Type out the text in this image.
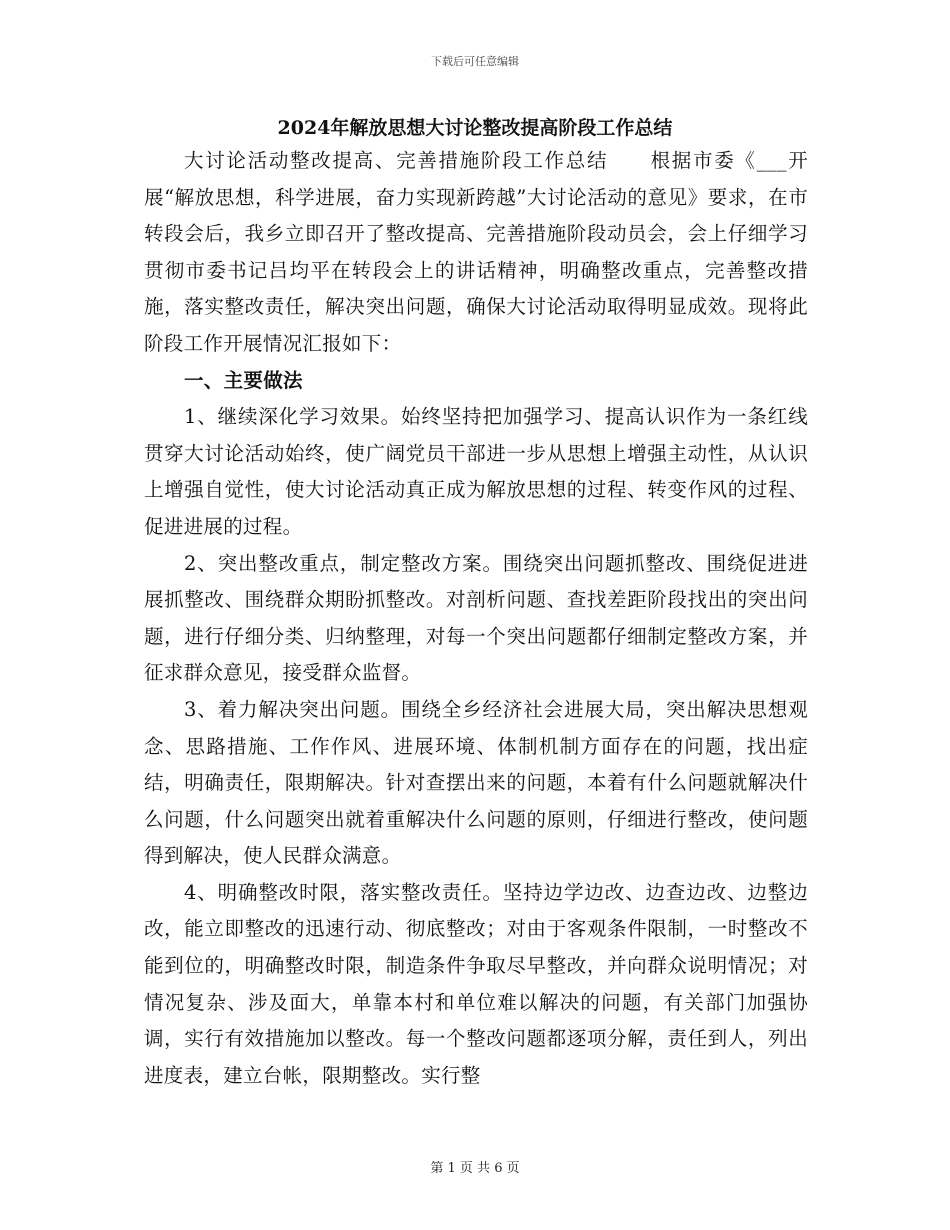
下载后可任意编辑
2024年解放思想大讨论整改提高阶段工作总结

大讨论活动整改提高、完善措施阶段工作总结　　根据市委《___开展“解放思想，科学进展，奋力实现新跨越”大讨论活动的意见》要求，在市转段会后，我乡立即召开了整改提高、完善措施阶段动员会，会上仔细学习贯彻市委书记吕均平在转段会上的讲话精神，明确整改重点，完善整改措施，落实整改责任，解决突出问题，确保大讨论活动取得明显成效。现将此阶段工作开展情况汇报如下：

一、主要做法

1、继续深化学习效果。始终坚持把加强学习、提高认识作为一条红线贯穿大讨论活动始终，使广阔党员干部进一步从思想上增强主动性，从认识上增强自觉性，使大讨论活动真正成为解放思想的过程、转变作风的过程、促进进展的过程。

2、突出整改重点，制定整改方案。围绕突出问题抓整改、围绕促进进展抓整改、围绕群众期盼抓整改。对剖析问题、查找差距阶段找出的突出问题，进行仔细分类、归纳整理，对每一个突出问题都仔细制定整改方案，并征求群众意见，接受群众监督。

3、着力解决突出问题。围绕全乡经济社会进展大局，突出解决思想观念、思路措施、工作作风、进展环境、体制机制方面存在的问题，找出症结，明确责任，限期解决。针对查摆出来的问题，本着有什么问题就解决什么问题，什么问题突出就着重解决什么问题的原则，仔细进行整改，使问题得到解决，使人民群众满意。

4、明确整改时限，落实整改责任。坚持边学边改、边查边改、边整边改，能立即整改的迅速行动、彻底整改；对由于客观条件限制，一时整改不能到位的，明确整改时限，制造条件争取尽早整改，并向群众说明情况；对情况复杂、涉及面大，单靠本村和单位难以解决的问题，有关部门加强协调，实行有效措施加以整改。每一个整改问题都逐项分解，责任到人，列出进度表，建立台帐，限期整改。实行整

第 1 页 共 6 页
